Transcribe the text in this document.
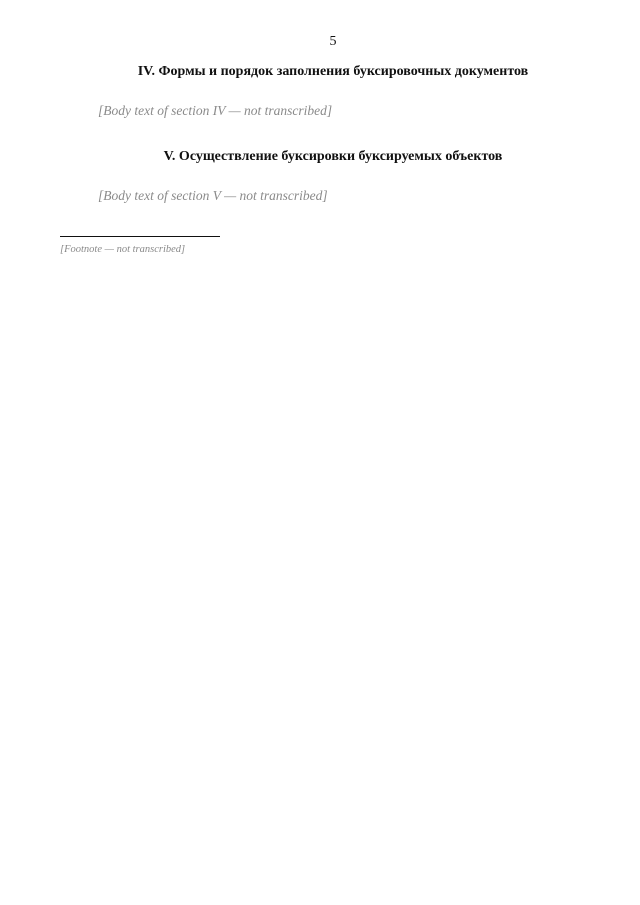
5
IV. Формы и порядок заполнения буксировочных документов

[Body text of section IV — not transcribed]

V. Осуществление буксировки буксируемых объектов

[Body text of section V — not transcribed]

[Footnote — not transcribed]
